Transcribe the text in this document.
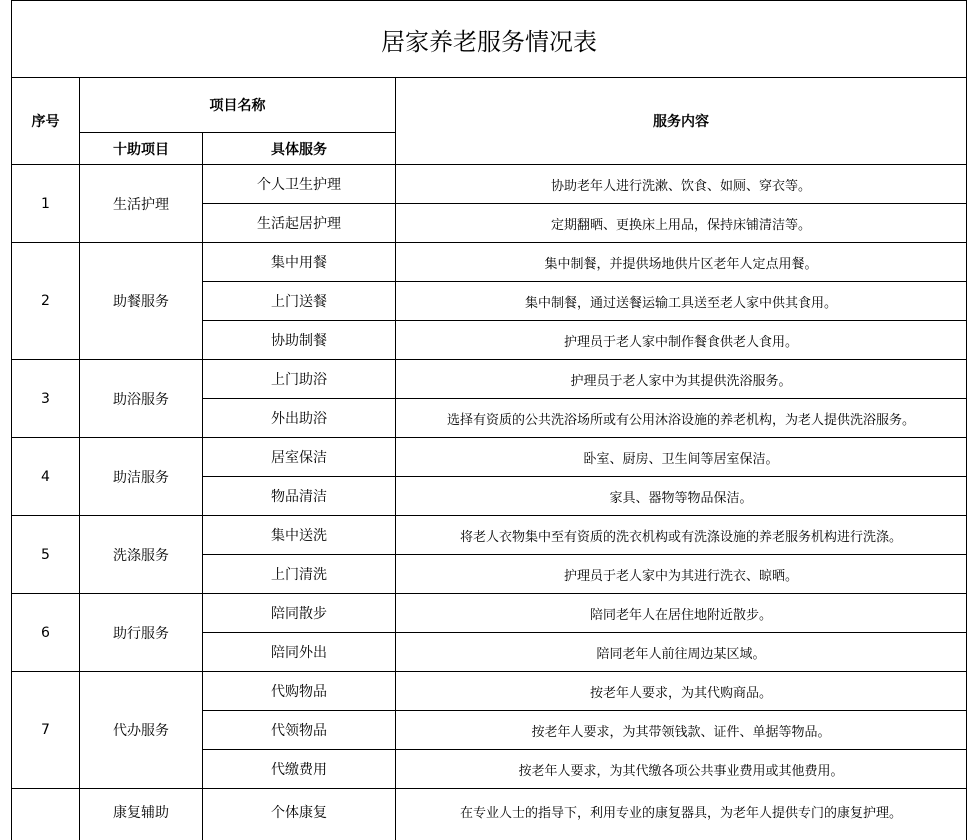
居家养老服务情况表			
序号	项目名称		服务内容
	十助项目	具体服务	
1	生活护理	个人卫生护理	协助老年人进行洗漱、饮食、如厕、穿衣等。
		生活起居护理	定期翻晒、更换床上用品，保持床铺清洁等。
2	助餐服务	集中用餐	集中制餐，并提供场地供片区老年人定点用餐。
		上门送餐	集中制餐，通过送餐运输工具送至老人家中供其食用。
		协助制餐	护理员于老人家中制作餐食供老人食用。
3	助浴服务	上门助浴	护理员于老人家中为其提供洗浴服务。
		外出助浴	选择有资质的公共洗浴场所或有公用沐浴设施的养老机构，为老人提供洗浴服务。
4	助洁服务	居室保洁	卧室、厨房、卫生间等居室保洁。
		物品清洁	家具、器物等物品保洁。
5	洗涤服务	集中送洗	将老人衣物集中至有资质的洗衣机构或有洗涤设施的养老服务机构进行洗涤。
		上门清洗	护理员于老人家中为其进行洗衣、晾晒。
6	助行服务	陪同散步	陪同老年人在居住地附近散步。
		陪同外出	陪同老年人前往周边某区域。
7	代办服务	代购物品	按老年人要求，为其代购商品。
		代领物品	按老年人要求，为其带领钱款、证件、单据等物品。
		代缴费用	按老年人要求，为其代缴各项公共事业费用或其他费用。
	康复辅助	个体康复	在专业人士的指导下，利用专业的康复器具，为老年人提供专门的康复护理。
